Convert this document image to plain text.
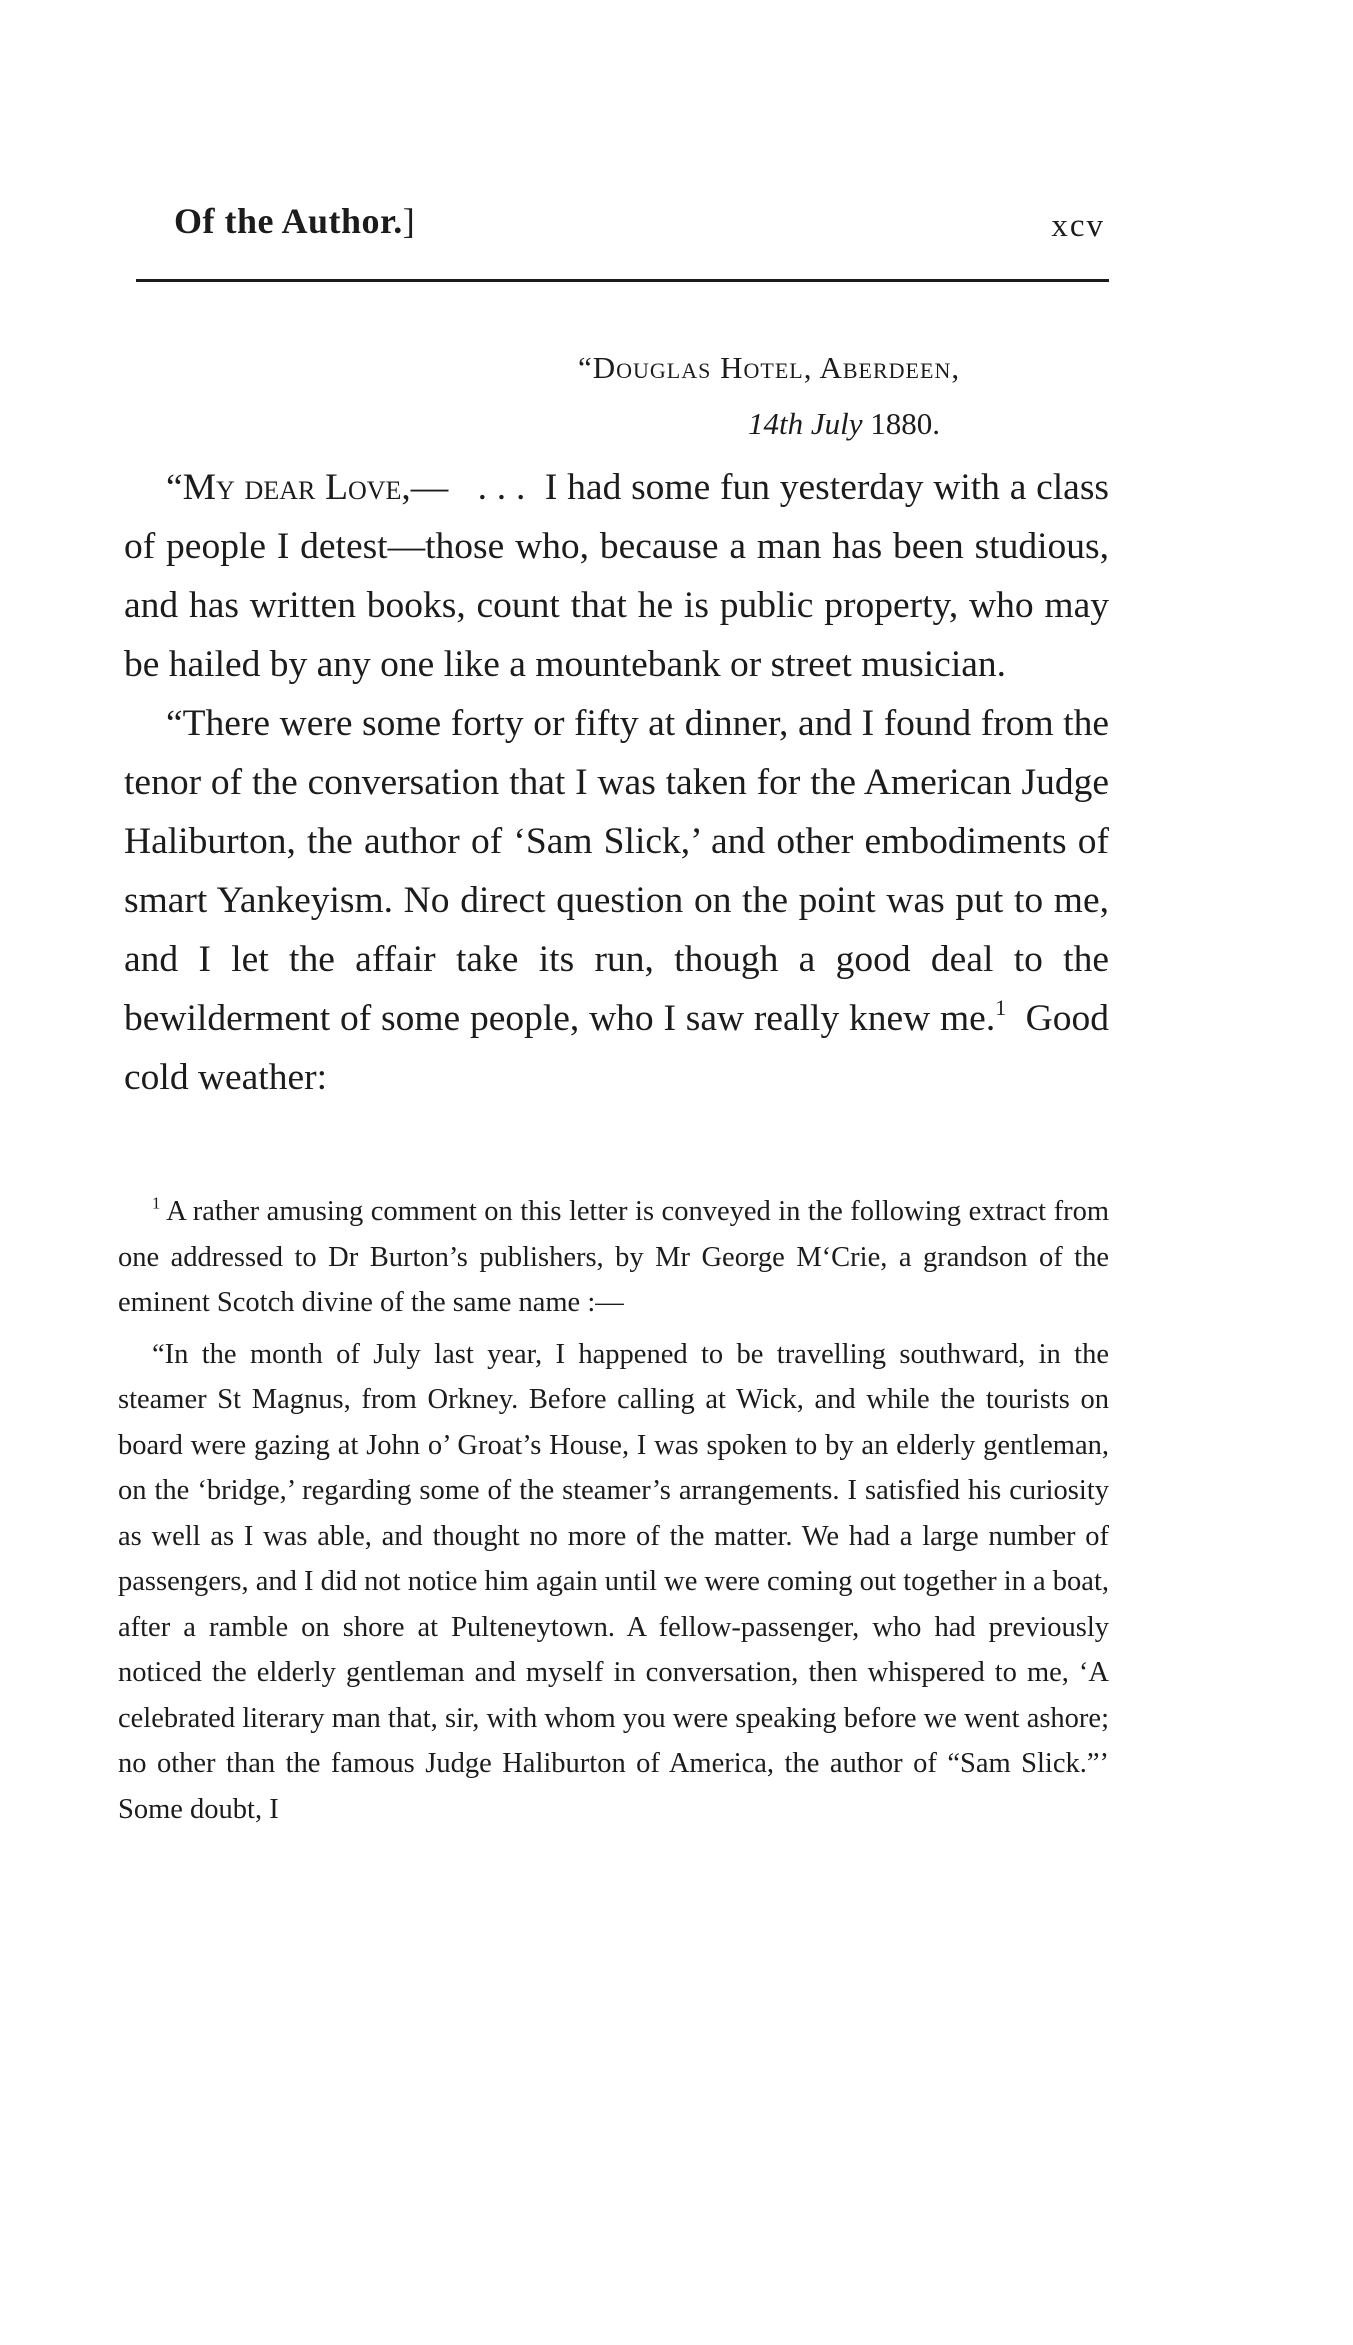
Of the Author.]	xcv
“Douglas Hotel, Aberdeen,
14th July 1880.

“My dear Love,— . . . I had some fun yesterday with a class of people I detest—those who, because a man has been studious, and has written books, count that he is public property, who may be hailed by any one like a mountebank or street musician.

“There were some forty or fifty at dinner, and I found from the tenor of the conversation that I was taken for the American Judge Haliburton, the author of ‘Sam Slick,’ and other embodiments of smart Yankeyism. No direct question on the point was put to me, and I let the affair take its run, though a good deal to the bewilderment of some people, who I saw really knew me.$^1$ Good cold weather:

$^1$ A rather amusing comment on this letter is conveyed in the following extract from one addressed to Dr Burton’s publishers, by Mr George M‘Crie, a grandson of the eminent Scotch divine of the same name :—

“In the month of July last year, I happened to be travelling southward, in the steamer St Magnus, from Orkney. Before calling at Wick, and while the tourists on board were gazing at John o’ Groat’s House, I was spoken to by an elderly gentleman, on the ‘bridge,’ regarding some of the steamer’s arrangements. I satisfied his curiosity as well as I was able, and thought no more of the matter. We had a large number of passengers, and I did not notice him again until we were coming out together in a boat, after a ramble on shore at Pulteneytown. A fellow-passenger, who had previously noticed the elderly gentleman and myself in conversation, then whispered to me, ‘A celebrated literary man that, sir, with whom you were speaking before we went ashore; no other than the famous Judge Haliburton of America, the author of “Sam Slick.”’ Some doubt, I
